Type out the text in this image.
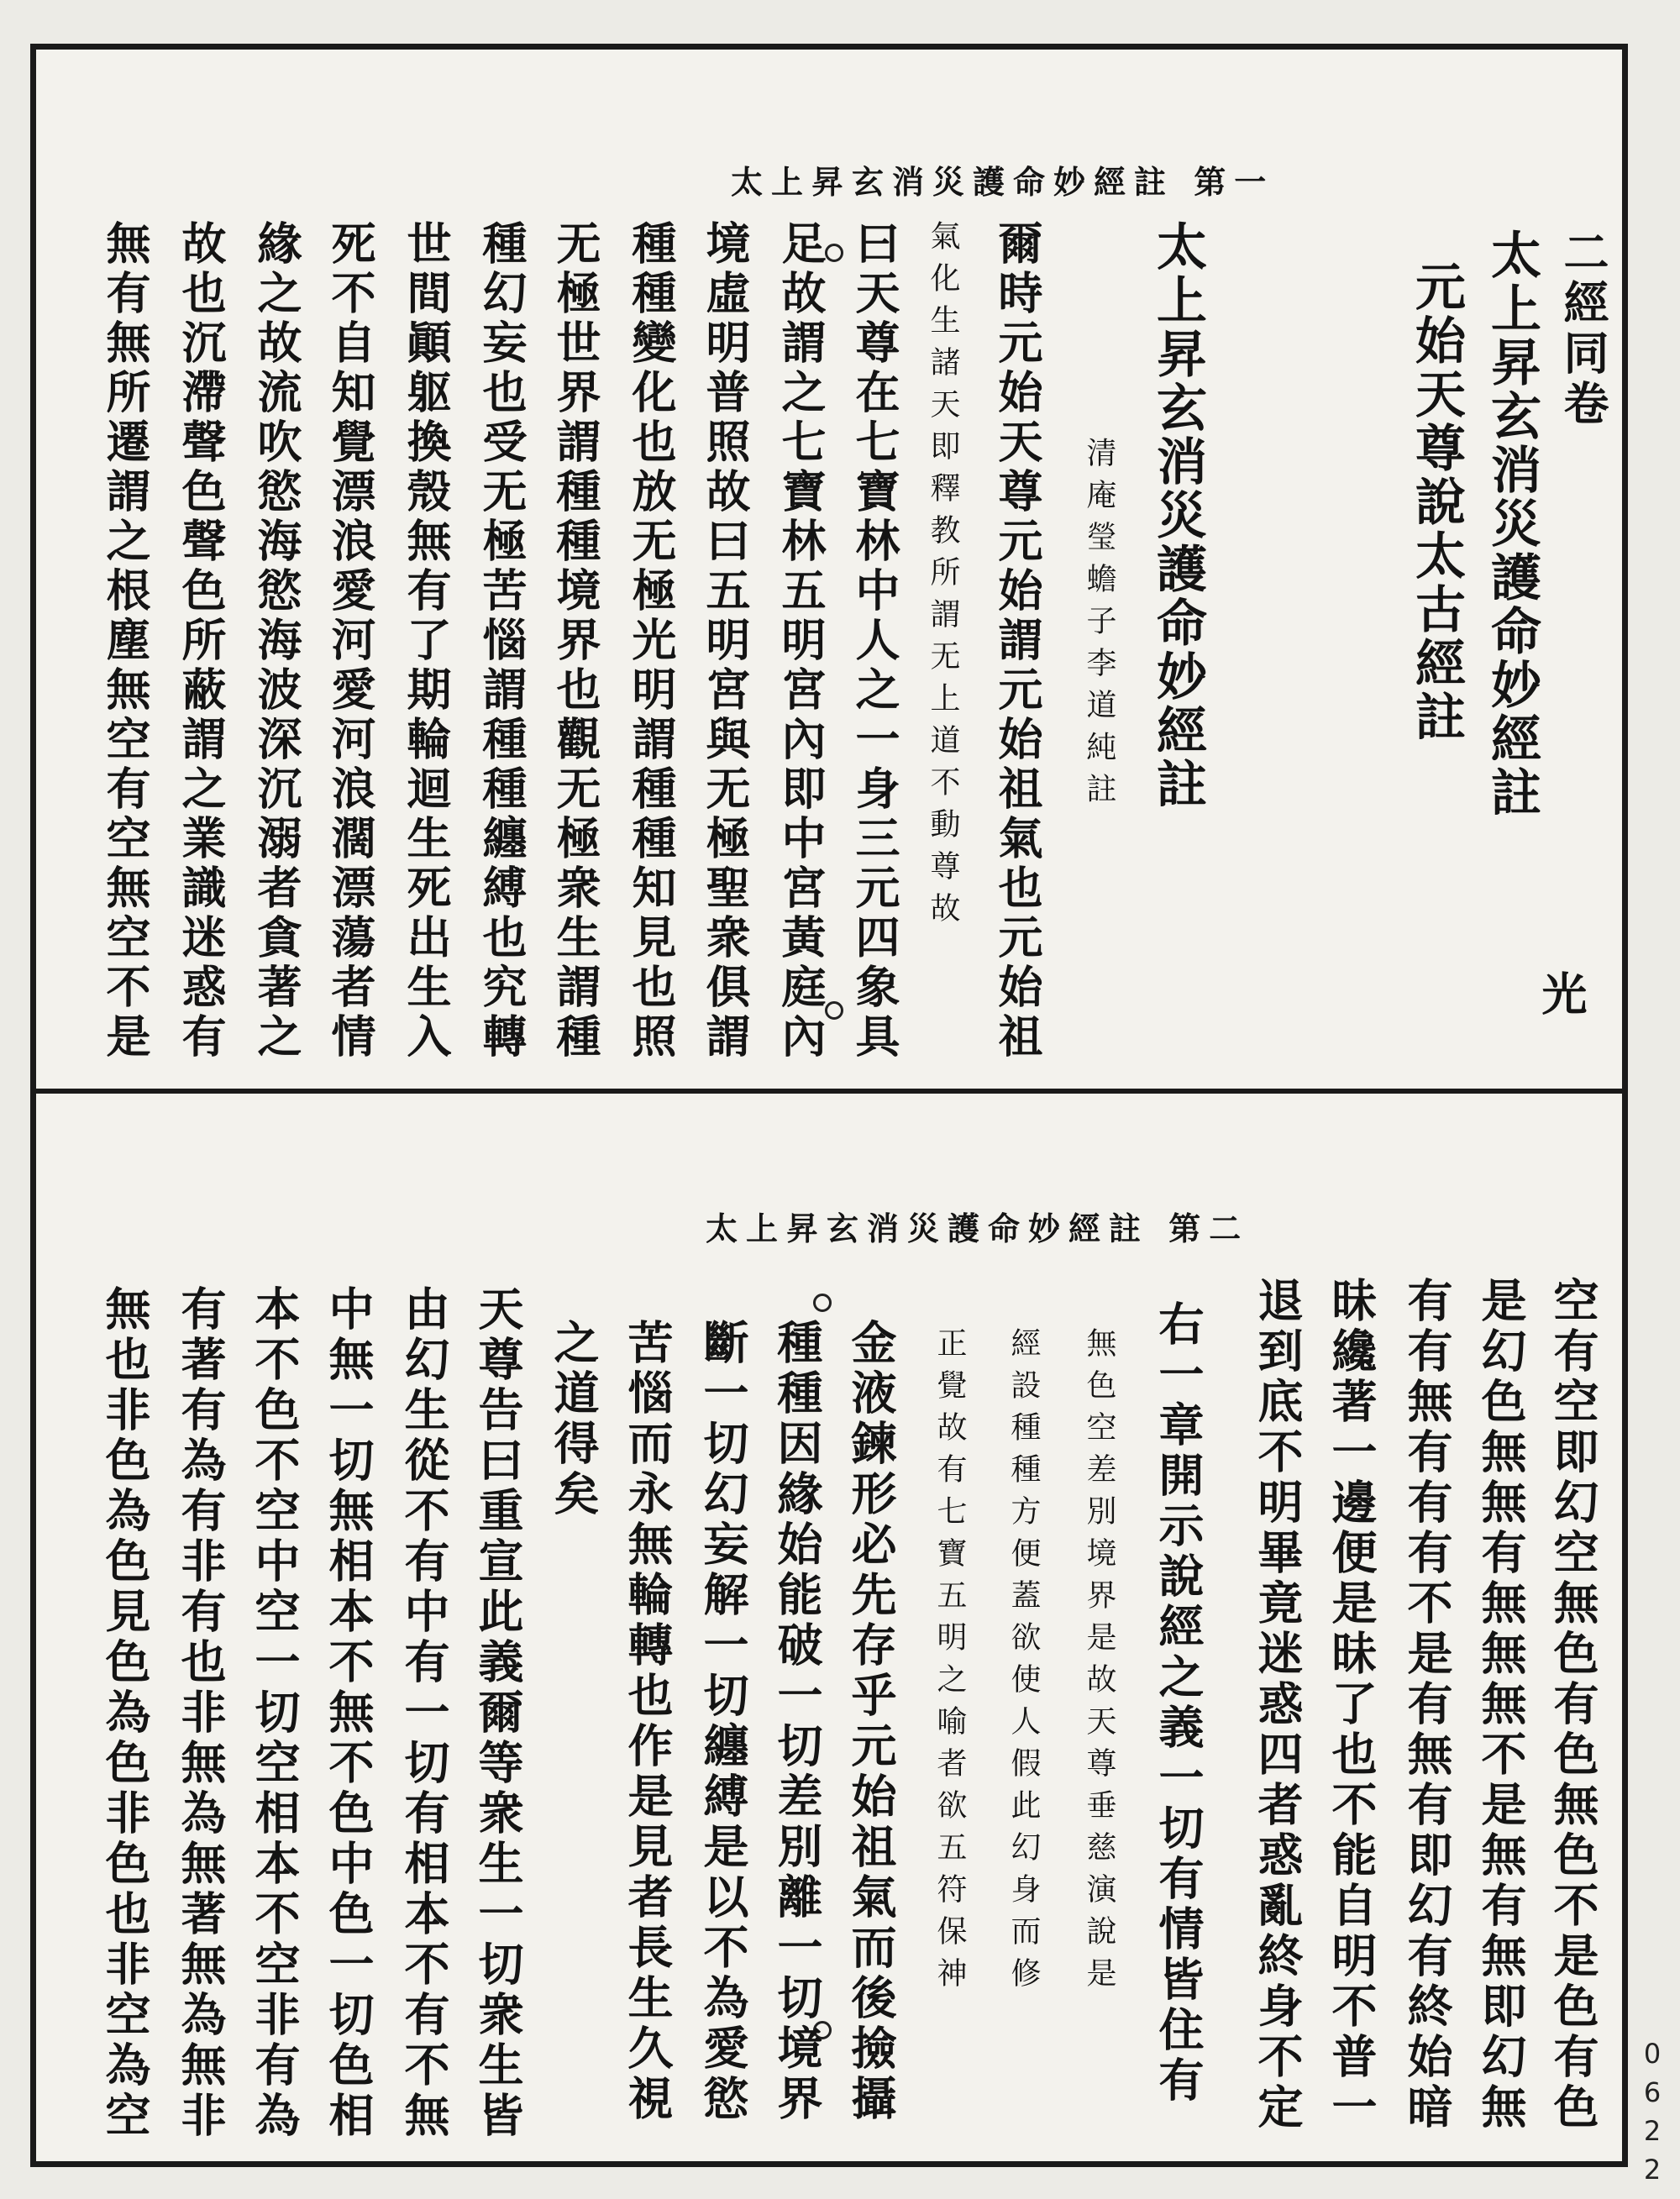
太上昇玄消災護命妙經註 第一
二經同卷
太上昇玄消災護命妙經註
元始天尊說太古經註
光
太上昇玄消災護命妙經註
清庵瑩蟾子李道純註
爾時元始天尊元始謂元始祖氣也元始祖
氣化生諸天即釋教所謂无上道不動尊故
曰天尊在七寶林中人之一身三元四象具
足故謂之七寶林五明宮內即中宮黃庭內
境虛明普照故曰五明宮與无極聖衆俱謂
種種變化也放无極光明謂種種知見也照
无極世界謂種種境界也觀无極衆生謂種
種幻妄也受无極苦惱謂種種纏縛也究轉
世間顚躯換殼無有了期輪迴生死出生入
死不自知覺漂浪愛河愛河浪濶漂蕩者情
緣之故流吹慾海慾海波深沉溺者貪著之
故也沉滯聲色聲色所蔽謂之業識迷惑有
無有無所遷謂之根塵無空有空無空不是
太上昇玄消災護命妙經註 第二
空有空即幻空無色有色無色不是色有色
是幻色無無有無無無不是無有無即幻無
有有無有有有不是有無有即幻有終始暗
昧纔著一邊便是昧了也不能自明不普一
退到底不明畢竟迷惑四者惑亂終身不定
右一章開示說經之義一切有情皆住有
無色空差別境界是故天尊垂慈演說是
經設種種方便蓋欲使人假此幻身而修
正覺故有七寶五明之喻者欲五符保神
金液鍊形必先存乎元始祖氣而後撿攝
種種因緣始能破一切差別離一切境界
斷一切幻妄解一切纏縛是以不為愛慾
苦惱而永無輪轉也作是見者長生久視
之道得矣
天尊告曰重宣此義爾等衆生一切衆生皆
由幻生從不有中有一切有相本不有不無
中無一切無相本不無不色中色一切色相
本不色不空中空一切空相本不空非有為
有著有為有非有也非無為無著無為無非
無也非色為色見色為色非色也非空為空	0622
